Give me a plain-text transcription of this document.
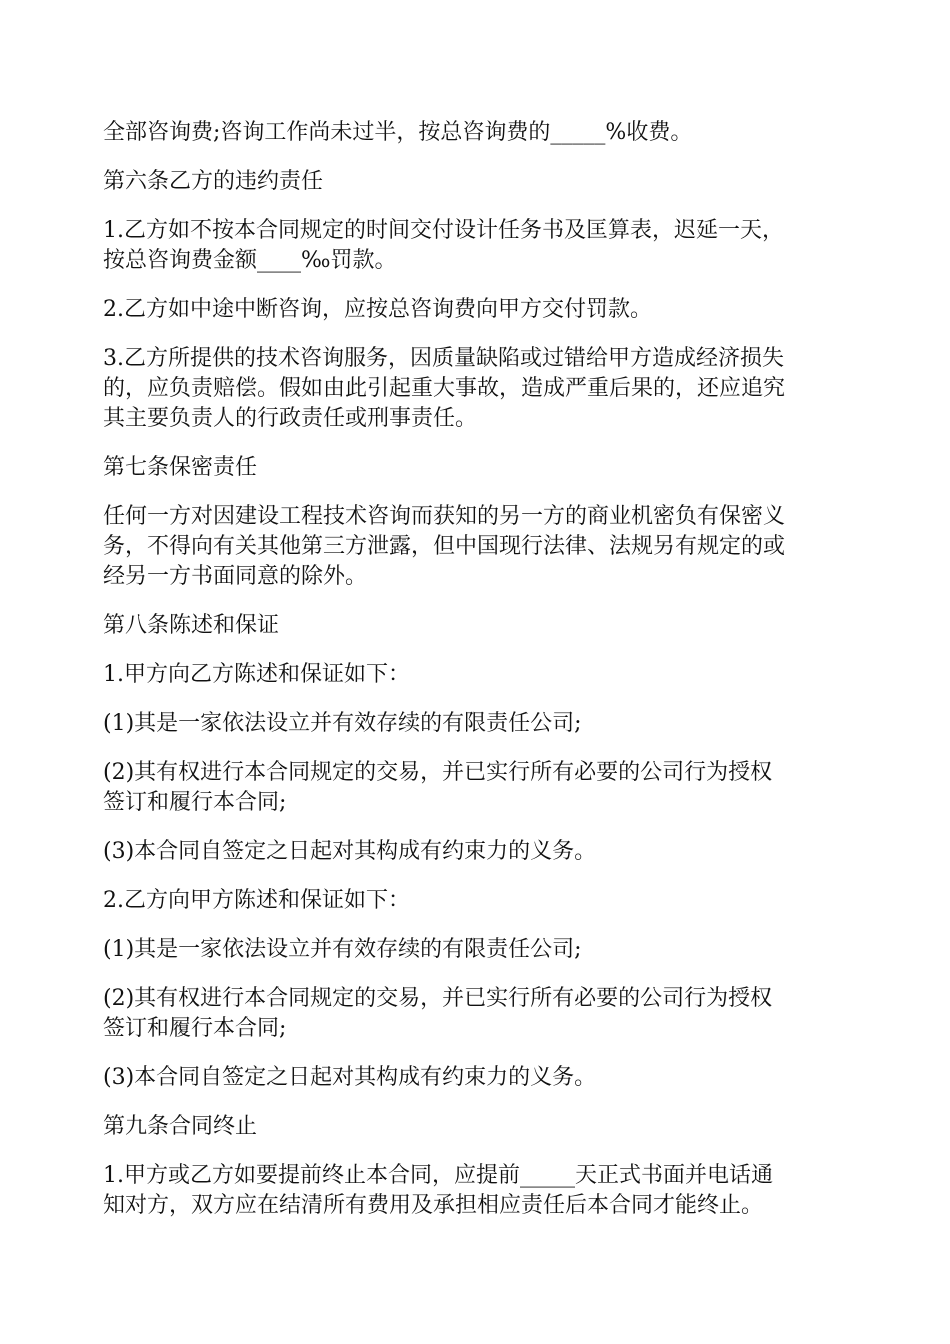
全部咨询费;咨询工作尚未过半，按总咨询费的_____%收费。
第六条乙方的违约责任
1.乙方如不按本合同规定的时间交付设计任务书及匡算表，迟延一天，
按总咨询费金额____‰罚款。
2.乙方如中途中断咨询，应按总咨询费向甲方交付罚款。
3.乙方所提供的技术咨询服务，因质量缺陷或过错给甲方造成经济损失
的，应负责赔偿。假如由此引起重大事故，造成严重后果的，还应追究
其主要负责人的行政责任或刑事责任。
第七条保密责任
任何一方对因建设工程技术咨询而获知的另一方的商业机密负有保密义
务，不得向有关其他第三方泄露，但中国现行法律、法规另有规定的或
经另一方书面同意的除外。
第八条陈述和保证
1.甲方向乙方陈述和保证如下：
(1)其是一家依法设立并有效存续的有限责任公司;
(2)其有权进行本合同规定的交易，并已实行所有必要的公司行为授权
签订和履行本合同;
(3)本合同自签定之日起对其构成有约束力的义务。
2.乙方向甲方陈述和保证如下：
(1)其是一家依法设立并有效存续的有限责任公司;
(2)其有权进行本合同规定的交易，并已实行所有必要的公司行为授权
签订和履行本合同;
(3)本合同自签定之日起对其构成有约束力的义务。
第九条合同终止
1.甲方或乙方如要提前终止本合同，应提前_____天正式书面并电话通
知对方，双方应在结清所有费用及承担相应责任后本合同才能终止。
